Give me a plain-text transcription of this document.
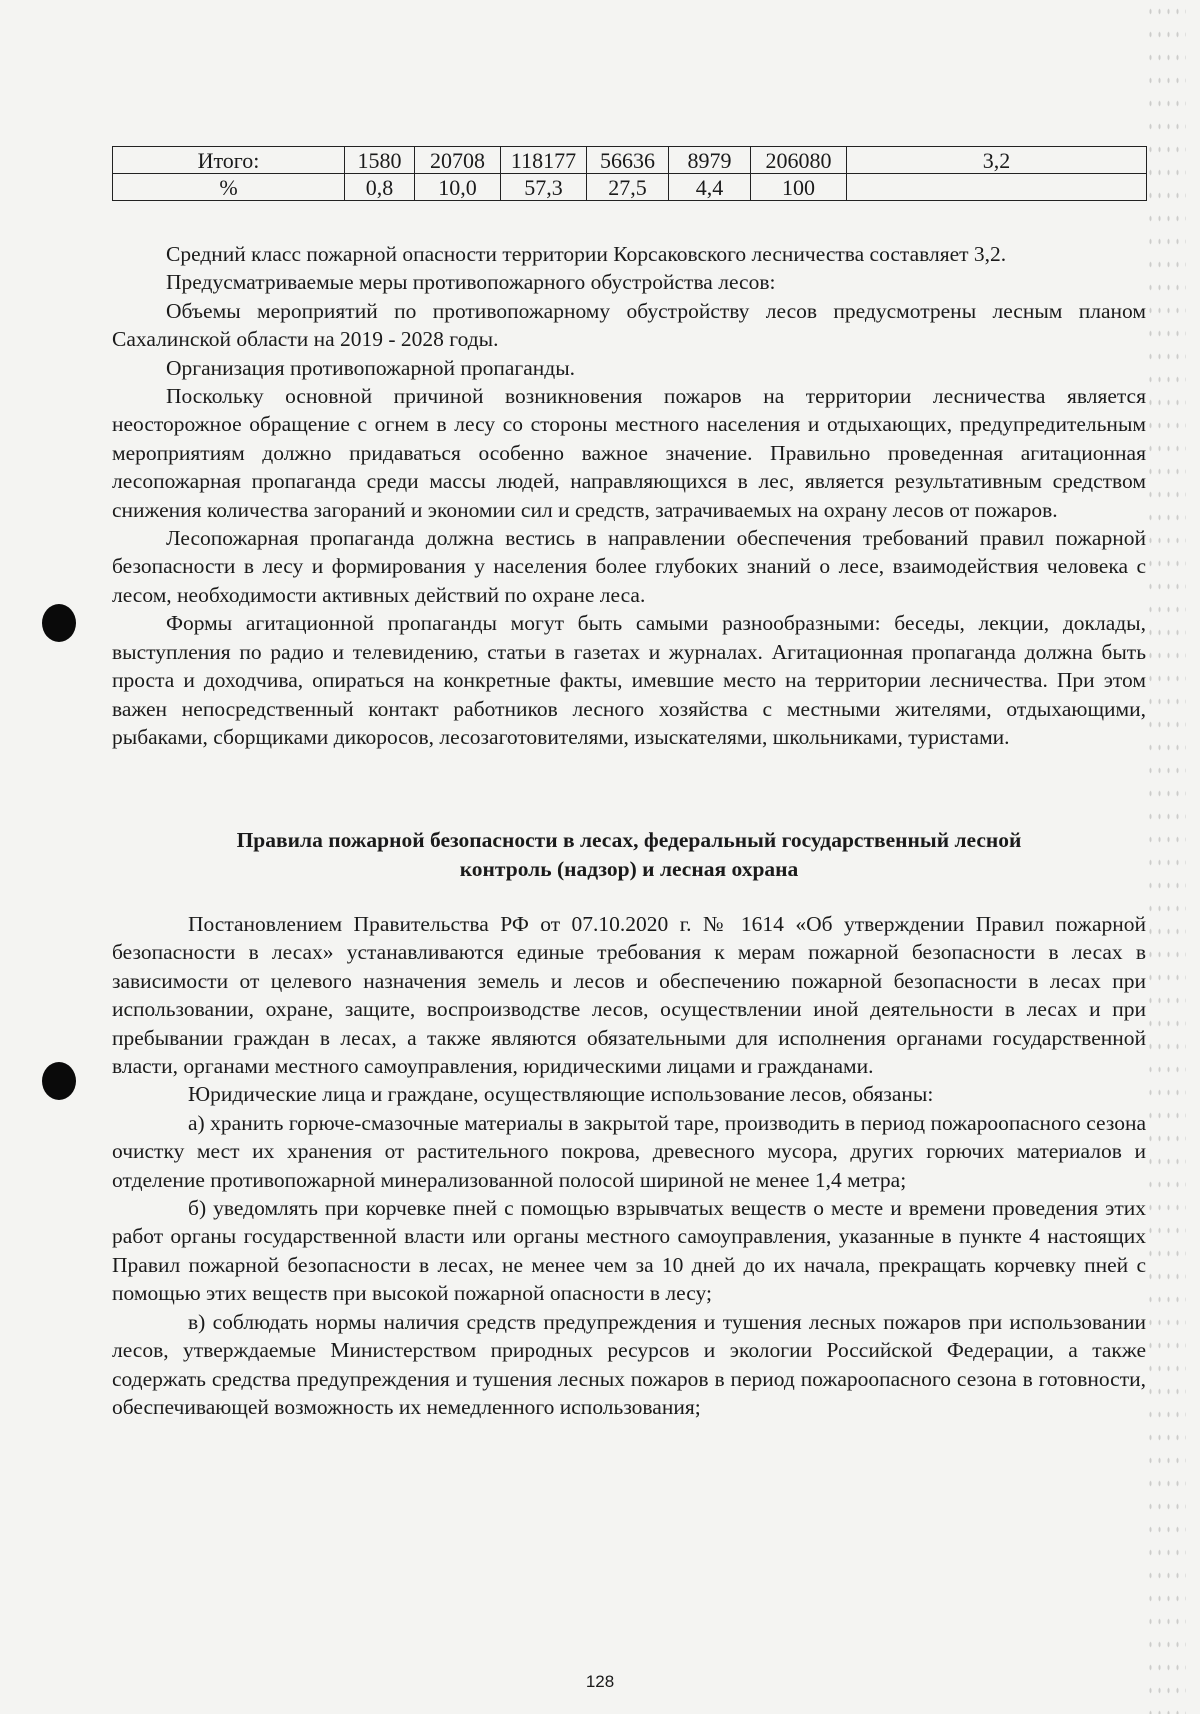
Итого:	1580	20708	118177	56636	8979	206080	3,2
%	0,8	10,0	57,3	27,5	4,4	100	

Средний класс пожарной опасности территории Корсаковского лесничества составляет 3,2.

Предусматриваемые меры противопожарного обустройства лесов:

Объемы мероприятий по противопожарному обустройству лесов предусмотрены лесным планом Сахалинской области на 2019 - 2028 годы.

Организация противопожарной пропаганды.

Поскольку основной причиной возникновения пожаров на территории лесничества является неосторожное обращение с огнем в лесу со стороны местного населения и отдыхающих, предупредительным мероприятиям должно придаваться особенно важное значение. Правильно проведенная агитационная лесопожарная пропаганда среди массы людей, направляющихся в лес, является результативным средством снижения количества загораний и экономии сил и средств, затрачиваемых на охрану лесов от пожаров.

Лесопожарная пропаганда должна вестись в направлении обеспечения требований правил пожарной безопасности в лесу и формирования у населения более глубоких знаний о лесе, взаимодействия человека с лесом, необходимости активных действий по охране леса.

Формы агитационной пропаганды могут быть самыми разнообразными: беседы, лекции, доклады, выступления по радио и телевидению, статьи в газетах и журналах. Агитационная пропаганда должна быть проста и доходчива, опираться на конкретные факты, имевшие место на территории лесничества. При этом важен непосредственный контакт работников лесного хозяйства с местными жителями, отдыхающими, рыбаками, сборщиками дикоросов, лесозаготовителями, изыскателями, школьниками, туристами.

Правила пожарной безопасности в лесах, федеральный государственный лесной
контроль (надзор) и лесная охрана

Постановлением Правительства РФ от 07.10.2020 г. № 1614 «Об утверждении Правил пожарной безопасности в лесах» устанавливаются единые требования к мерам пожарной безопасности в лесах в зависимости от целевого назначения земель и лесов и обеспечению пожарной безопасности в лесах при использовании, охране, защите, воспроизводстве лесов, осуществлении иной деятельности в лесах и при пребывании граждан в лесах, а также являются обязательными для исполнения органами государственной власти, органами местного самоуправления, юридическими лицами и гражданами.

Юридические лица и граждане, осуществляющие использование лесов, обязаны:

а) хранить горюче-смазочные материалы в закрытой таре, производить в период пожароопасного сезона очистку мест их хранения от растительного покрова, древесного мусора, других горючих материалов и отделение противопожарной минерализованной полосой шириной не менее 1,4 метра;

б) уведомлять при корчевке пней с помощью взрывчатых веществ о месте и времени проведения этих работ органы государственной власти или органы местного самоуправления, указанные в пункте 4 настоящих Правил пожарной безопасности в лесах, не менее чем за 10 дней до их начала, прекращать корчевку пней с помощью этих веществ при высокой пожарной опасности в лесу;

в) соблюдать нормы наличия средств предупреждения и тушения лесных пожаров при использовании лесов, утверждаемые Министерством природных ресурсов и экологии Российской Федерации, а также содержать средства предупреждения и тушения лесных пожаров в период пожароопасного сезона в готовности, обеспечивающей возможность их немедленного использования;

128
